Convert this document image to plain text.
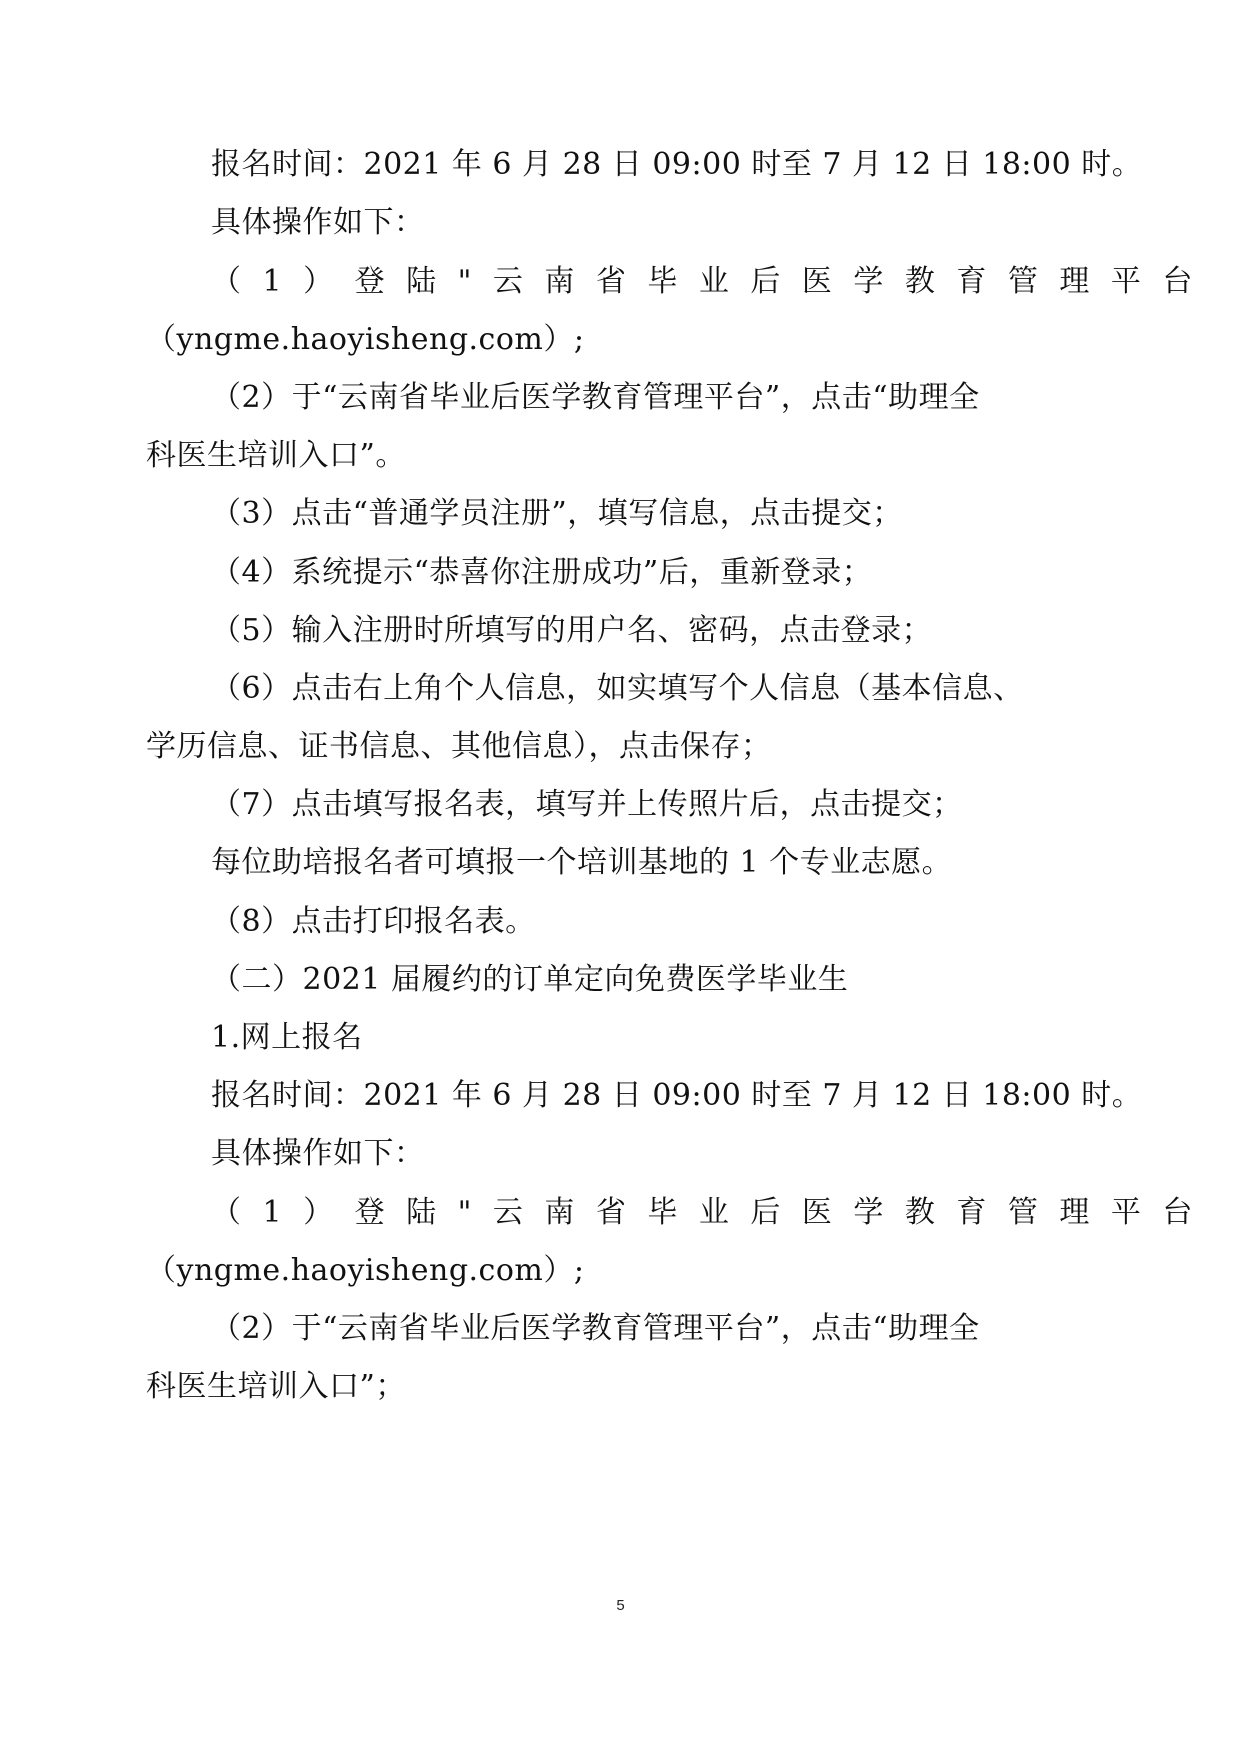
报名时间：2021 年 6 月 28 日 09:00 时至 7 月 12 日 18:00 时。
具体操作如下：
（1）登陆"云南省毕业后医学教育管理平台
（yngme.haoyisheng.com）;
（2）于“云南省毕业后医学教育管理平台”，点击“助理全
科医生培训入口”。
（3）点击“普通学员注册”，填写信息，点击提交；
（4）系统提示“恭喜你注册成功”后，重新登录；
（5）输入注册时所填写的用户名、密码，点击登录；
（6）点击右上角个人信息，如实填写个人信息（基本信息、
学历信息、证书信息、其他信息），点击保存；
（7）点击填写报名表，填写并上传照片后，点击提交；
每位助培报名者可填报一个培训基地的 1 个专业志愿。
（8）点击打印报名表。
（二）2021 届履约的订单定向免费医学毕业生
1.网上报名
报名时间：2021 年 6 月 28 日 09:00 时至 7 月 12 日 18:00 时。
具体操作如下：
（1）登陆"云南省毕业后医学教育管理平台
（yngme.haoyisheng.com）;
（2）于“云南省毕业后医学教育管理平台”，点击“助理全
科医生培训入口”；
5
